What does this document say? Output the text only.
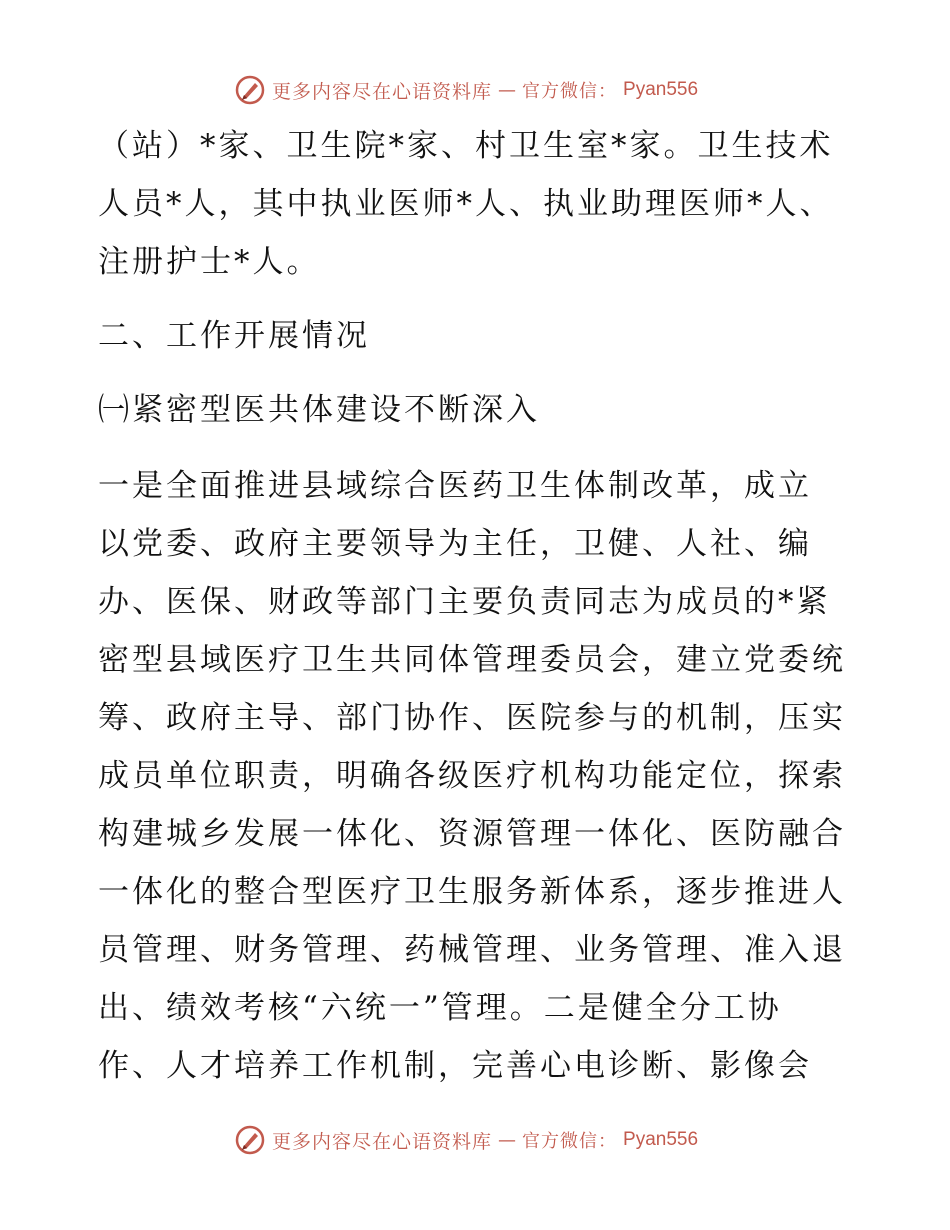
更多内容尽在心语资料库 — 官方微信： Pyan556
（站）*家、卫生院*家、村卫生室*家。卫生技术
人员*人，其中执业医师*人、执业助理医师*人、
注册护士*人。
二、工作开展情况
㈠紧密型医共体建设不断深入
一是全面推进县域综合医药卫生体制改革，成立
以党委、政府主要领导为主任，卫健、人社、编
办、医保、财政等部门主要负责同志为成员的*紧
密型县域医疗卫生共同体管理委员会，建立党委统
筹、政府主导、部门协作、医院参与的机制，压实
成员单位职责，明确各级医疗机构功能定位，探索
构建城乡发展一体化、资源管理一体化、医防融合
一体化的整合型医疗卫生服务新体系，逐步推进人
员管理、财务管理、药械管理、业务管理、准入退
出、绩效考核“六统一”管理。二是健全分工协
作、人才培养工作机制，完善心电诊断、影像会
更多内容尽在心语资料库 — 官方微信： Pyan556
